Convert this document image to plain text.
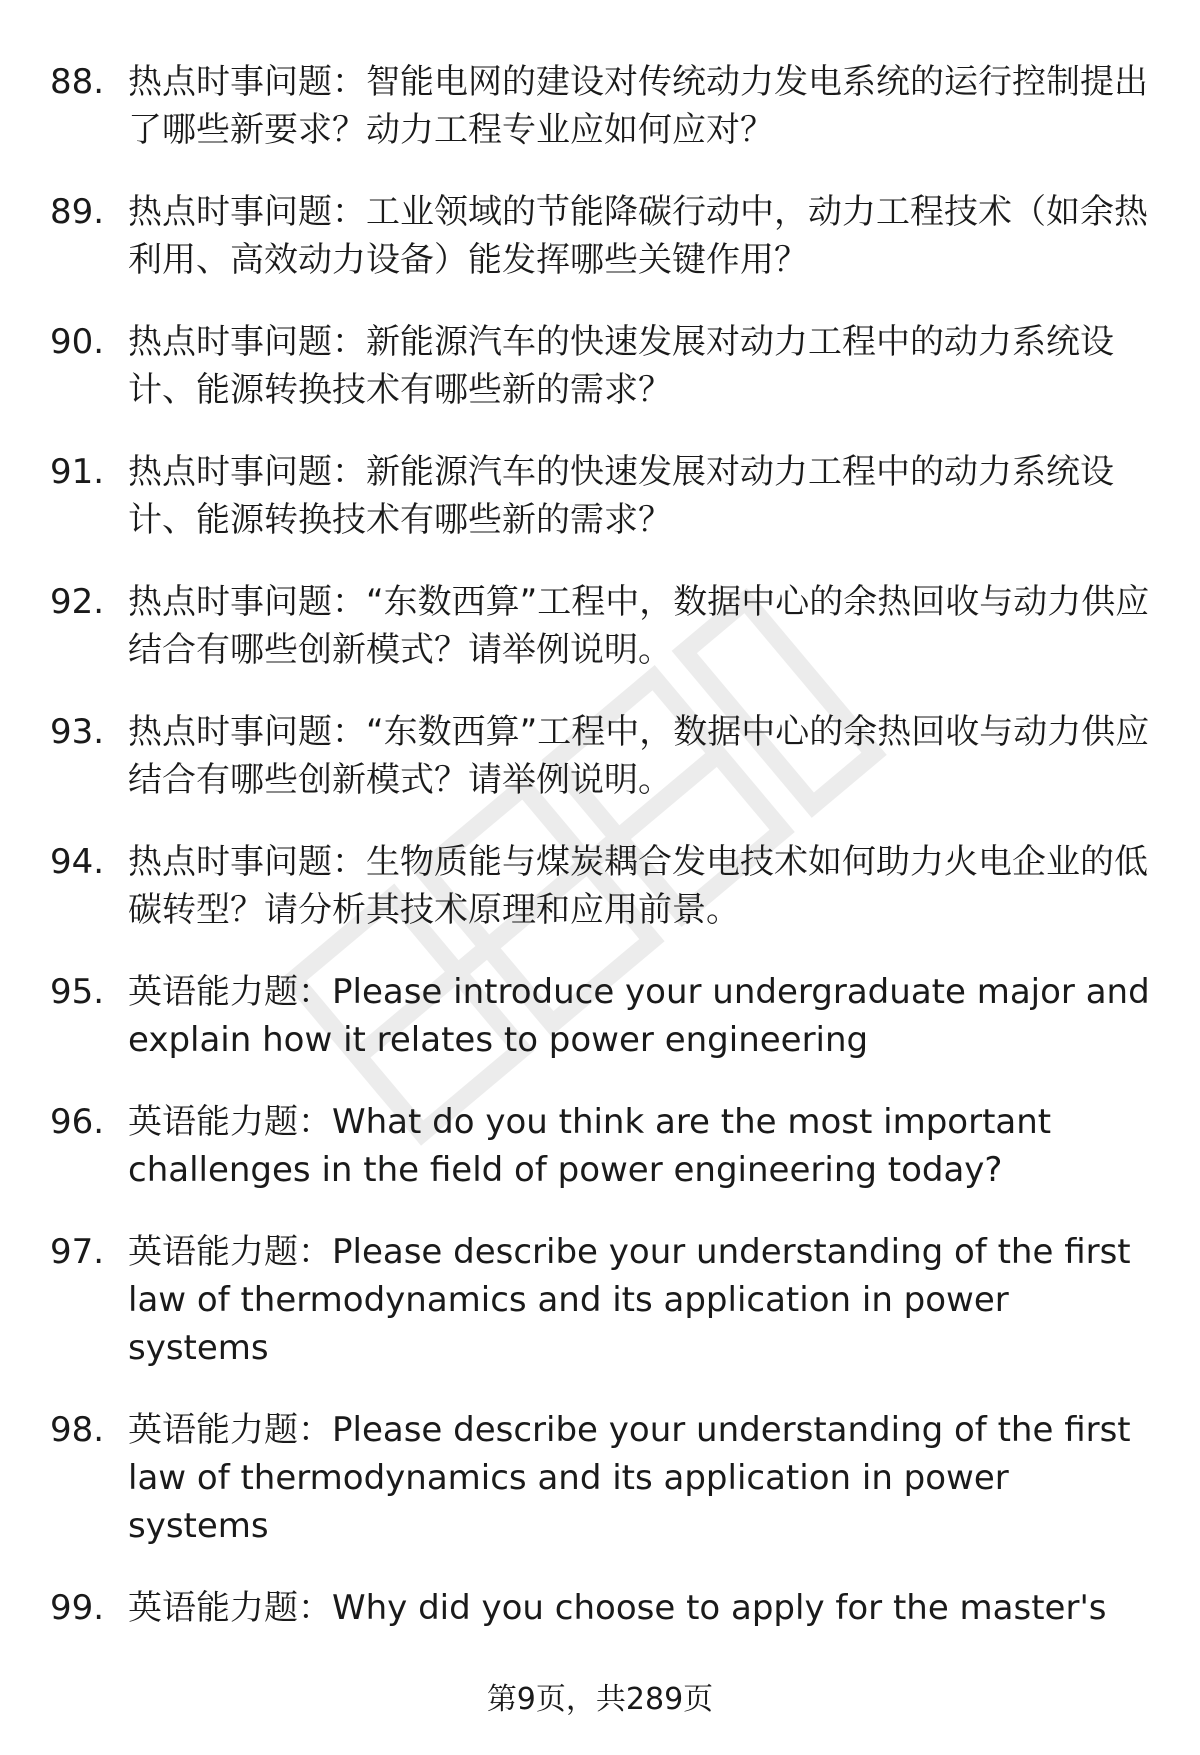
88. 热点时事问题：智能电网的建设对传统动力发电系统的运行控制提出了哪些新要求？动力工程专业应如何应对？
89. 热点时事问题：工业领域的节能降碳行动中，动力工程技术（如余热利用、高效动力设备）能发挥哪些关键作用？
90. 热点时事问题：新能源汽车的快速发展对动力工程中的动力系统设计、能源转换技术有哪些新的需求？
91. 热点时事问题：新能源汽车的快速发展对动力工程中的动力系统设计、能源转换技术有哪些新的需求？
92. 热点时事问题：“东数西算”工程中，数据中心的余热回收与动力供应结合有哪些创新模式？请举例说明。
93. 热点时事问题：“东数西算”工程中，数据中心的余热回收与动力供应结合有哪些创新模式？请举例说明。
94. 热点时事问题：生物质能与煤炭耦合发电技术如何助力火电企业的低碳转型？请分析其技术原理和应用前景。
95. 英语能力题：Please introduce your undergraduate major and explain how it relates to power engineering
96. 英语能力题：What do you think are the most important challenges in the field of power engineering today?
97. 英语能力题：Please describe your understanding of the first law of thermodynamics and its application in power systems
98. 英语能力题：Please describe your understanding of the first law of thermodynamics and its application in power systems
99. 英语能力题：Why did you choose to apply for the master's
第9页，共289页
